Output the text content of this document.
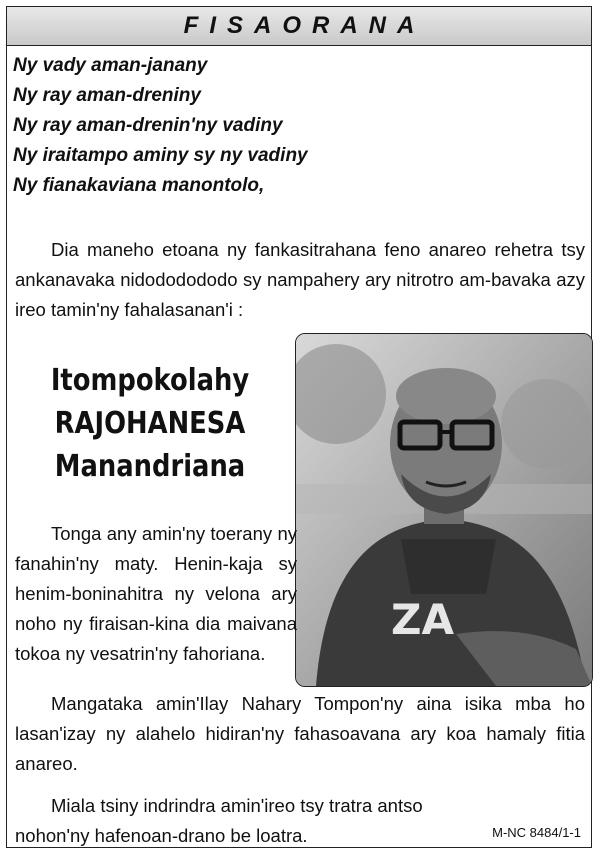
FISAORANA
Ny vady aman-janany
Ny ray aman-dreniny
Ny ray aman-drenin'ny vadiny
Ny iraitampo aminy sy ny vadiny
Ny fianakaviana manontolo,

Dia maneho etoana ny fankasitrahana feno anareo rehetra tsy ankanavaka nidododododo sy nampahery ary nitrotro am-bavaka azy ireo tamin'ny fahalasanan'i :

Itompokolahy
RAJOHANESA
Manandriana
ZA

Tonga any amin'ny toerany ny fanahin'ny maty. Henin-kaja sy henim-boninahitra ny velona ary noho ny firaisan-kina dia maivana tokoa ny vesatrin'ny fahoriana.

Mangataka amin'Ilay Nahary Tompon'ny aina isika mba ho lasan'izay ny alahelo hidiran'ny fahasoavana ary koa hamaly fitia anareo.

Miala tsiny indrindra amin'ireo tsy tratra antso nohon'ny hafenoan-drano be loatra.	M-NC 8484/1-1
